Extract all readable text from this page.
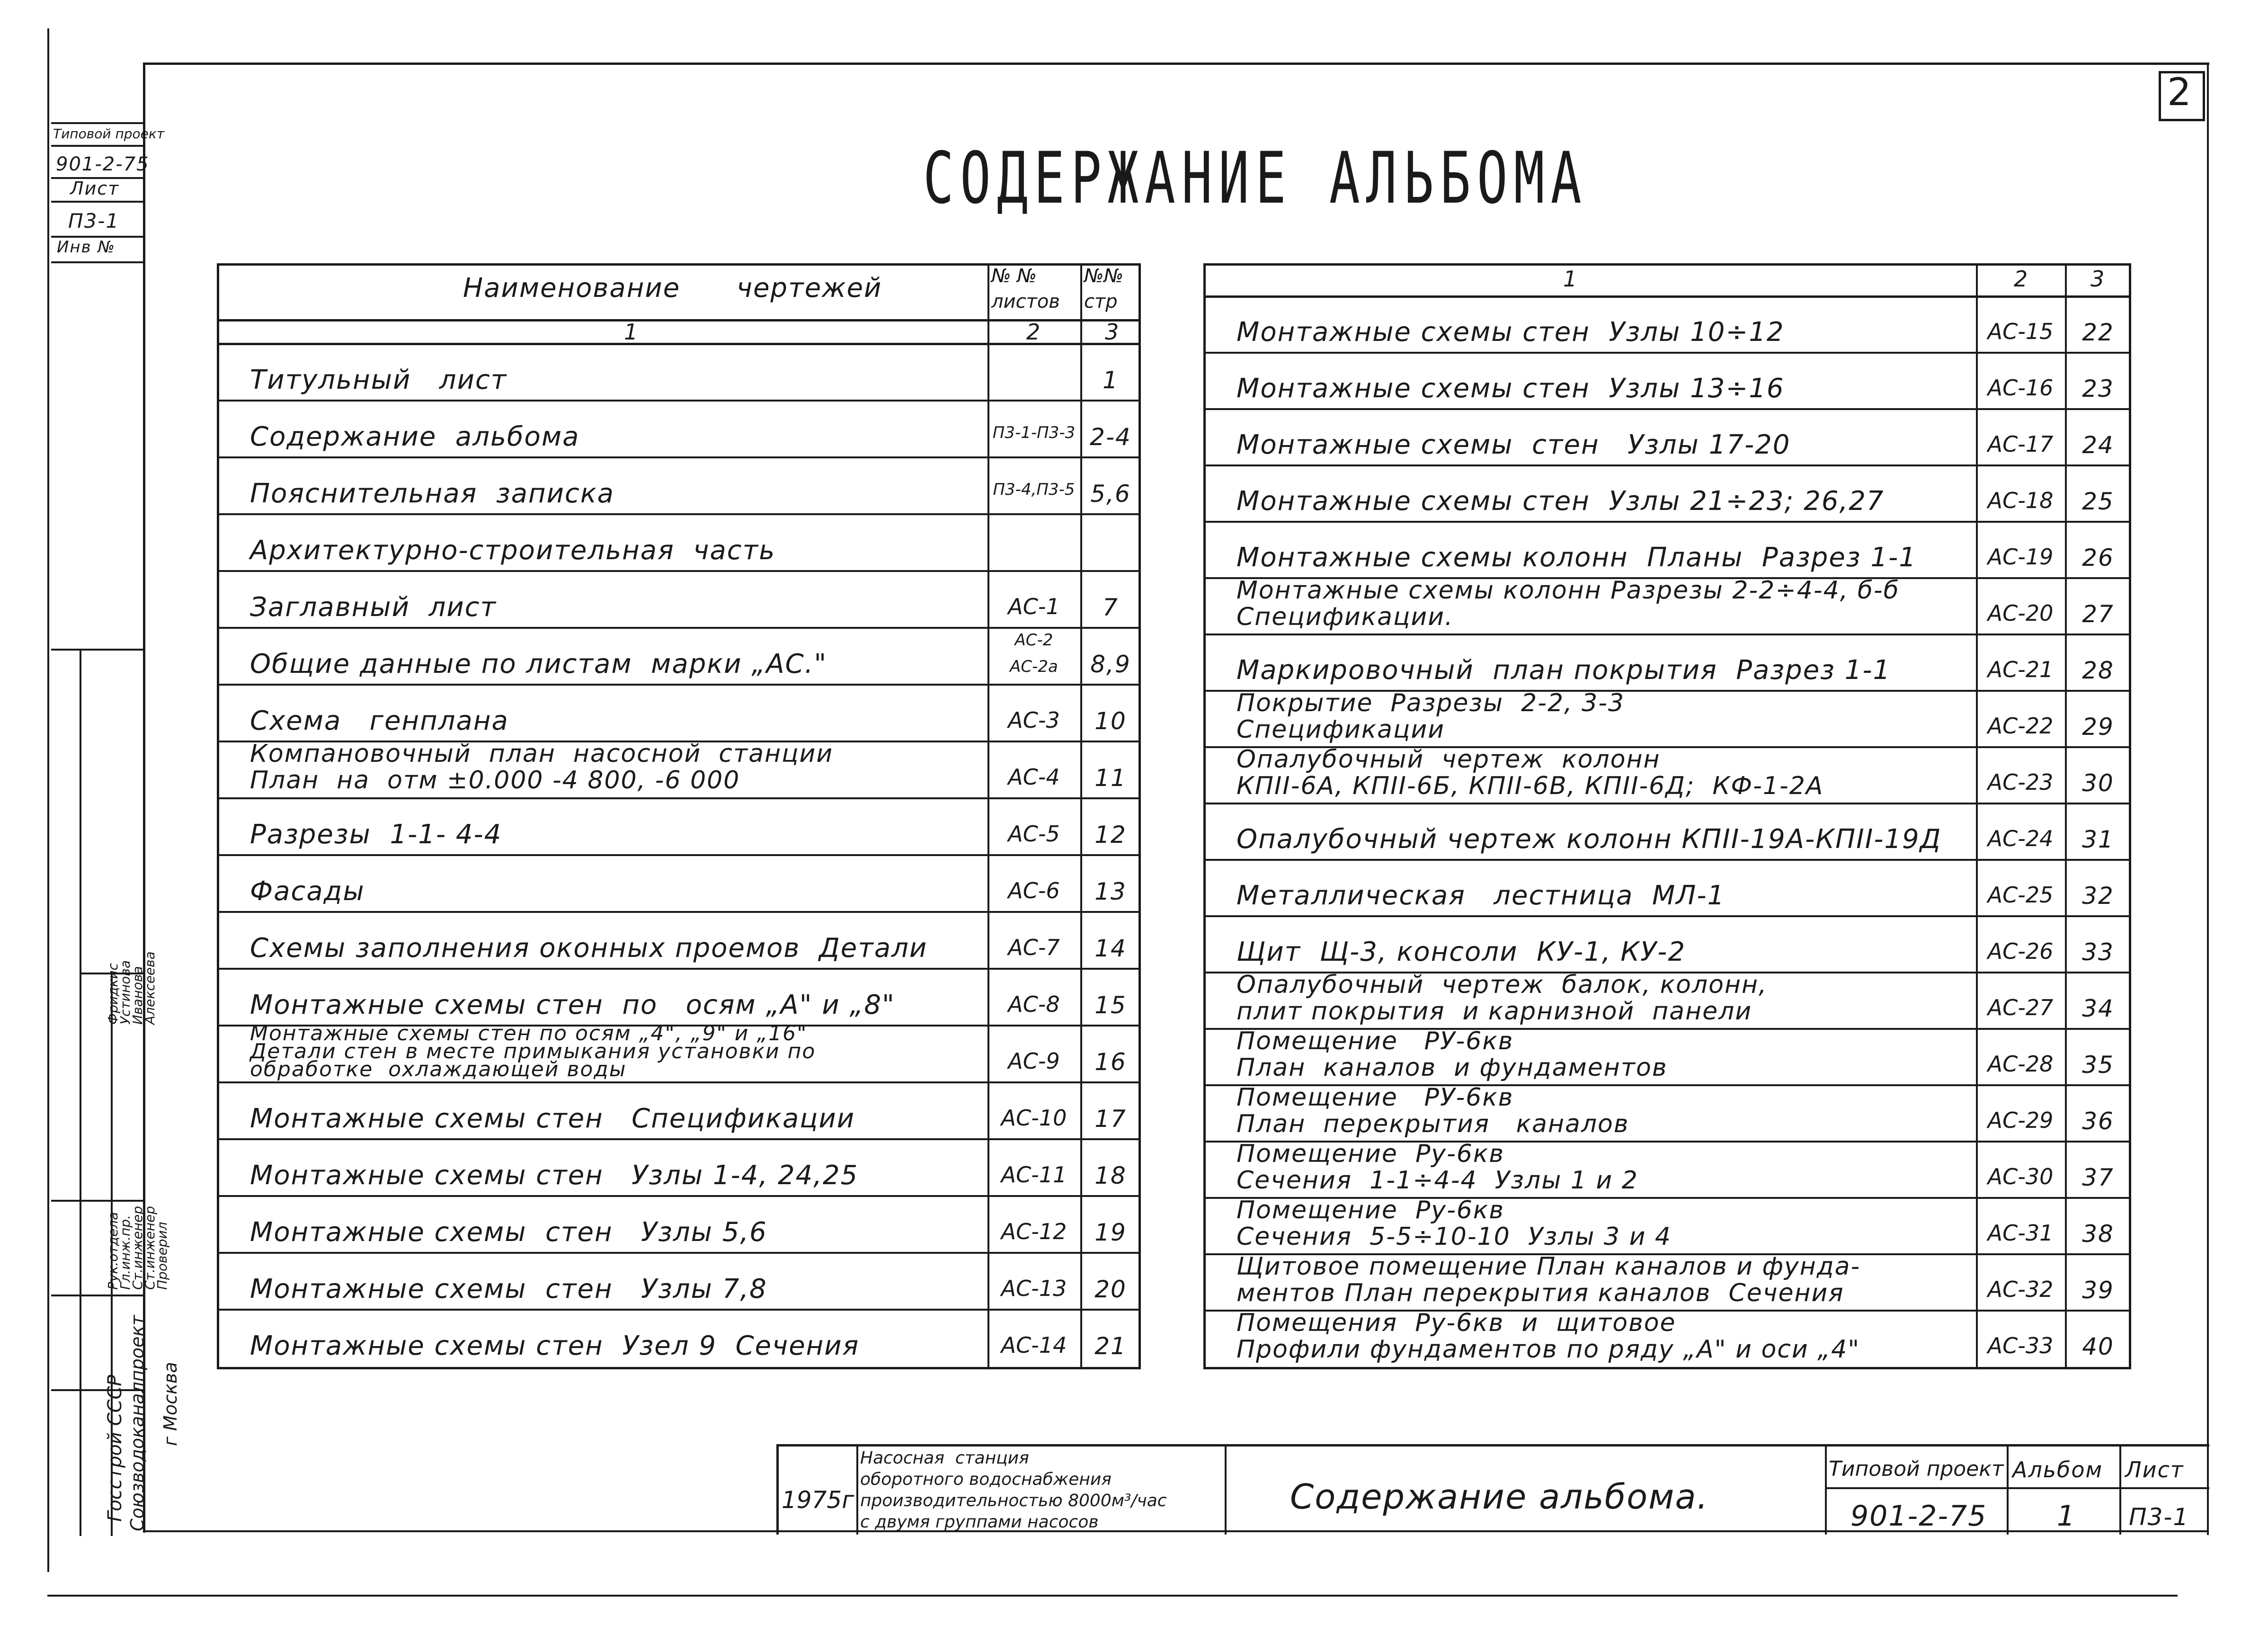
2
Типовой проект
901-2-75
Лист
П3-1
Инв №
СОДЕРЖАНИЕ АЛЬБОМА
Наименование      чертежей	№ №
листов
№№
стр
1	2	3
Титульный   лист	1
Содержание  альбома	П3-1-П3-3 2-4
Пояснительная  записка	П3-4,П3-5 5,6
Архитектурно-строительная  часть
Заглавный  лист	АС-1	7
Общие данные по листам  марки „АС."
АС-2
АС-2а	8,9
Схема   генплана	АС-3	10
Компановочный  план  насосной  станции
План  на  отм ±0.000 -4 800, -6 000	АС-4	11
Разрезы  1-1- 4-4	АС-5	12
Фасады	АС-6	13
Схемы заполнения оконных проемов  Детали	АС-7	14
Монтажные схемы стен  по   осям „А" и „8"	АС-8	15
Монтажные схемы стен по осям „4", „9" и „16"
Детали стен в месте примыкания установки по
обработке  охлаждающей воды	АС-9	16
Монтажные схемы стен   Спецификации	АС-10	17
Монтажные схемы стен   Узлы 1-4, 24,25	АС-11	18
Монтажные схемы  стен   Узлы 5,6	АС-12	19
Монтажные схемы  стен   Узлы 7,8	АС-13	20
Монтажные схемы стен  Узел 9  Сечения	АС-14	21
1	2	3
Монтажные схемы стен  Узлы 10÷12	АС-15	22
Монтажные схемы стен  Узлы 13÷16	АС-16	23
Монтажные схемы  стен   Узлы 17-20	АС-17	24
Монтажные схемы стен  Узлы 21÷23; 26,27	АС-18	25
Монтажные схемы колонн  Планы  Разрез 1-1	АС-19	26
Монтажные схемы колонн Разрезы 2-2÷4-4, б-б
Спецификации.	АС-20	27
Маркировочный  план покрытия  Разрез 1-1	АС-21	28
Покрытие  Разрезы  2-2, 3-3
Спецификации	АС-22	29
Опалубочный  чертеж  колонн
КПII-6А, КПII-6Б, КПII-6В, КПII-6Д;  КФ-1-2А	АС-23	30
Опалубочный чертеж колонн КПII-19А-КПII-19Д	АС-24	31
Металлическая   лестница  МЛ-1	АС-25	32
Щит  Щ-3, консоли  КУ-1, КУ-2	АС-26	33
Опалубочный  чертеж  балок, колонн,
плит покрытия  и карнизной  панели	АС-27	34
Помещение   РУ-6кв
План  каналов  и фундаментов	АС-28	35
Помещение   РУ-6кв
План  перекрытия   каналов	АС-29	36
Помещение  Ру-6кв
Сечения  1-1÷4-4  Узлы 1 и 2	АС-30	37
Помещение  Ру-6кв
Сечения  5-5÷10-10  Узлы 3 и 4	АС-31	38
Щитовое помещение План каналов и фунда-
ментов План перекрытия каналов  Сечения	АС-32	39
Помещения  Ру-6кв  и  щитовое
Профили фундаментов по ряду „А" и оси „4"	АС-33	40
Госстрой СССР Союзводоканалпроект г Москва
Рук.отдела
Гл.инж.пр.
Ст.инженер
Ст.инженер
Проверил
Фридкис
Устинова
Иванова
Алексеева
1975г
Насосная  станция
оборотного водоснабжения
производительностью 8000м³/час
с двумя группами насосов
Содержание альбома.
Типовой проект
901-2-75
Альбом
1
Лист
П3-1
